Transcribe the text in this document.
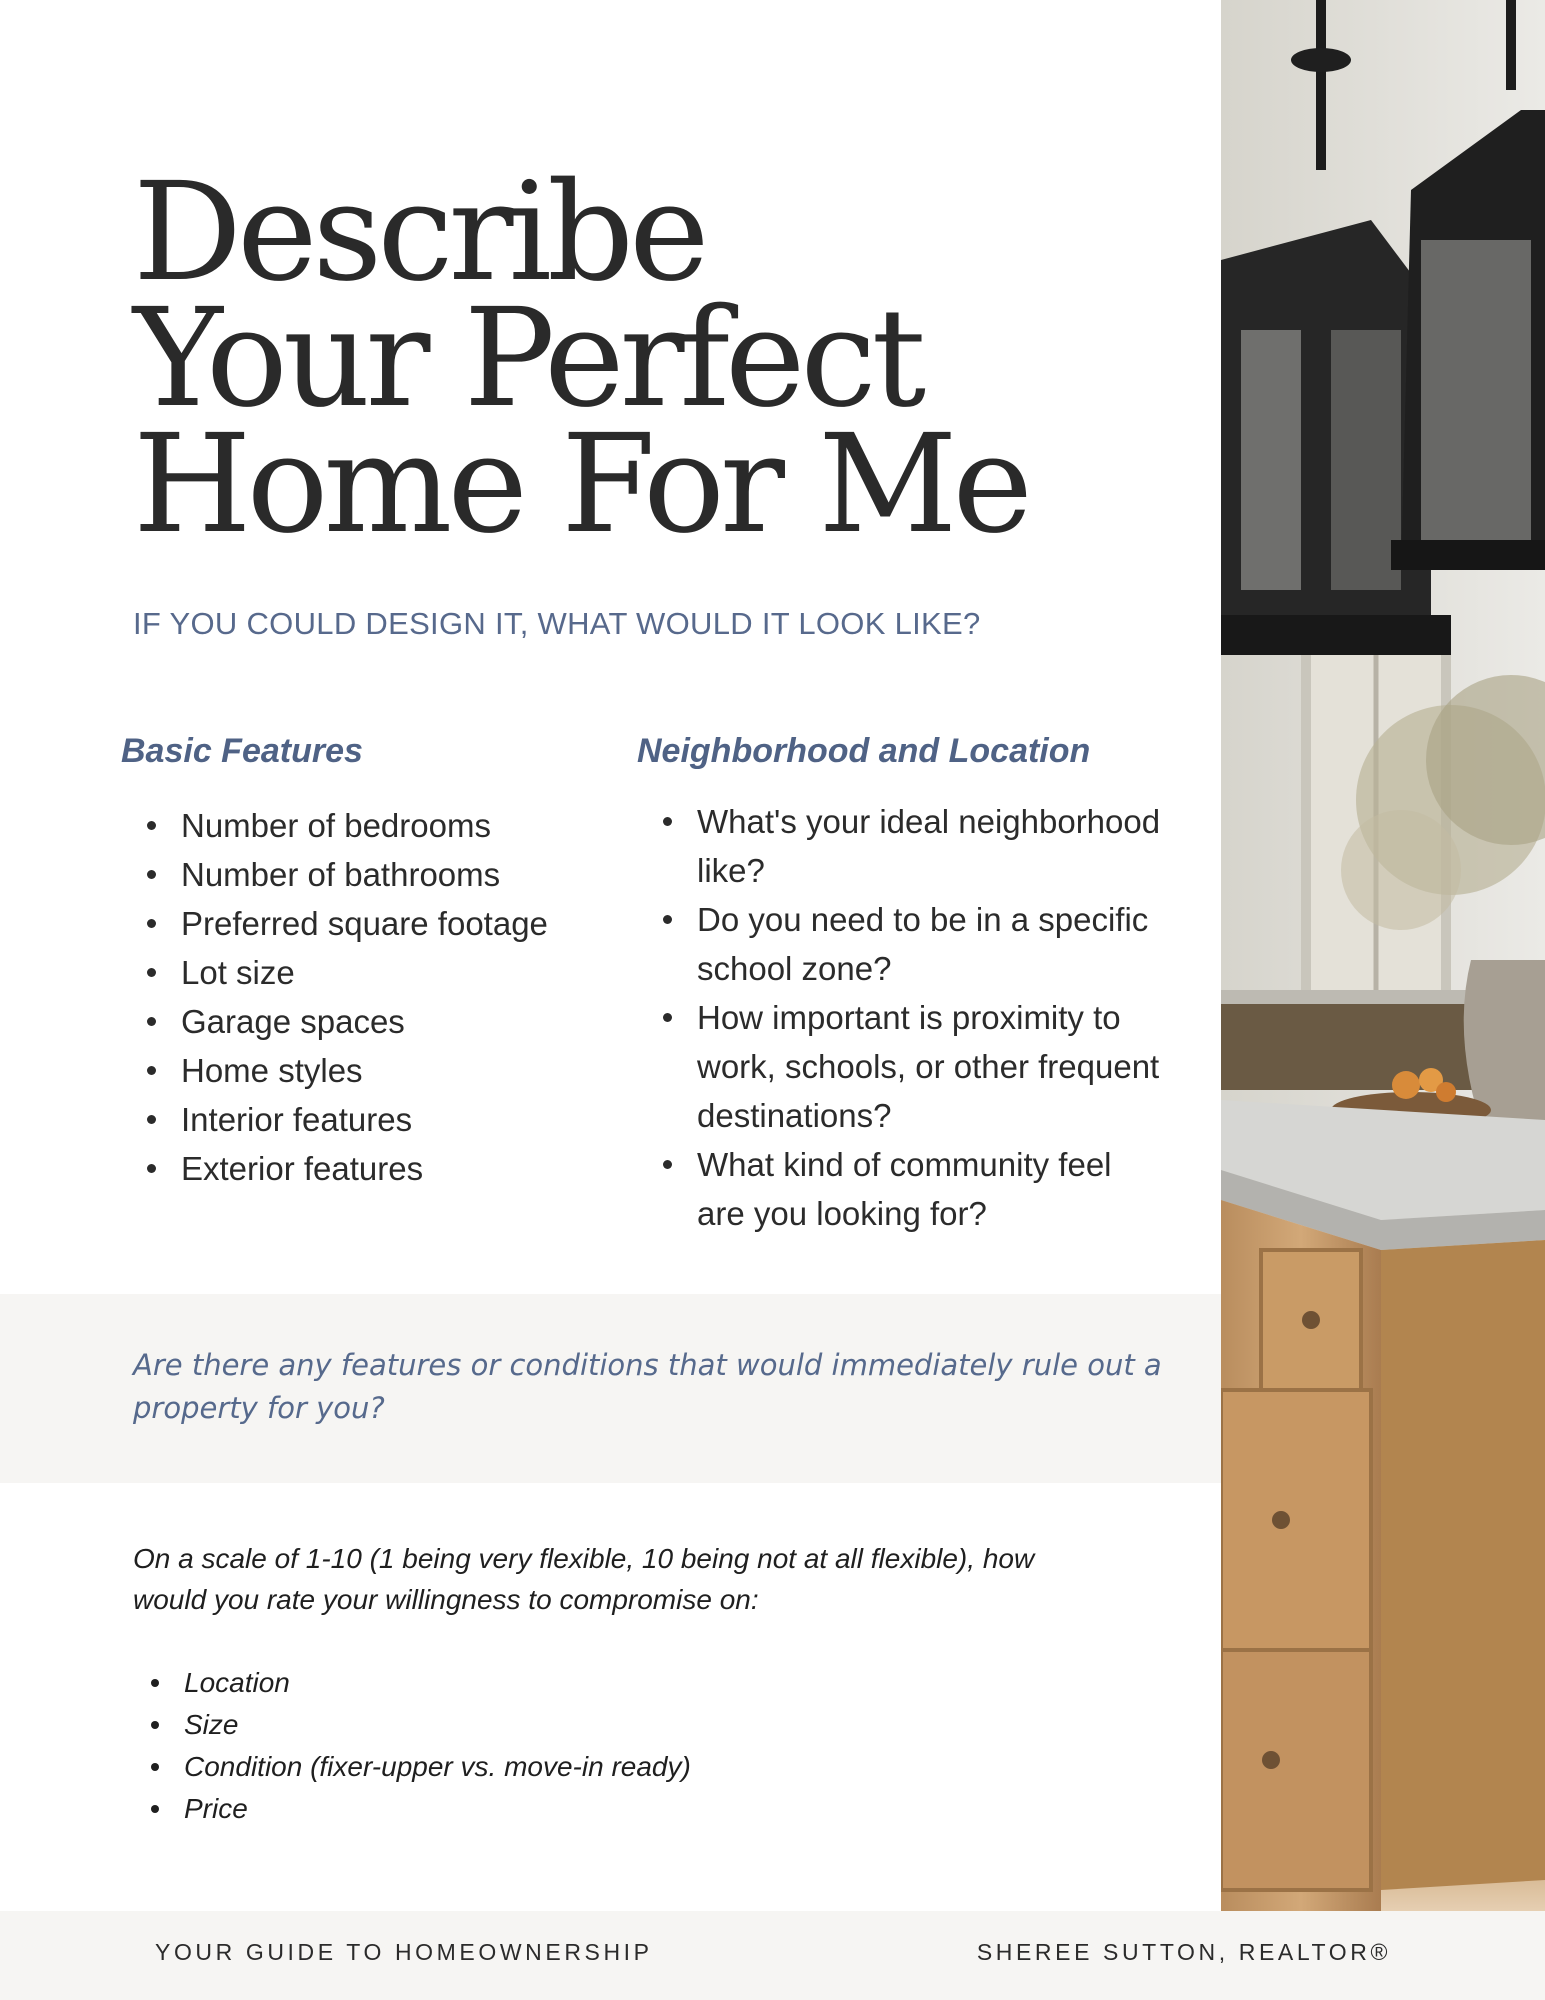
Describe
Your Perfect
Home For Me

IF YOU COULD DESIGN IT, WHAT WOULD IT LOOK LIKE?

Basic Features
Number of bedrooms
Number of bathrooms
Preferred square footage
Lot size
Garage spaces
Home styles
Interior features
Exterior features
Neighborhood and Location
What's your ideal neighborhood like?
Do you need to be in a specific school zone?
How important is proximity to work, schools, or other frequent destinations?
What kind of community feel are you looking for?

Are there any features or conditions that would immediately rule out a property for you?

On a scale of 1-10 (1 being very flexible, 10 being not at all flexible), how would you rate your willingness to compromise on:

Location
Size
Condition (fixer-upper vs. move-in ready)
Price
YOUR GUIDE TO HOMEOWNERSHIP	SHEREE SUTTON, REALTOR®
